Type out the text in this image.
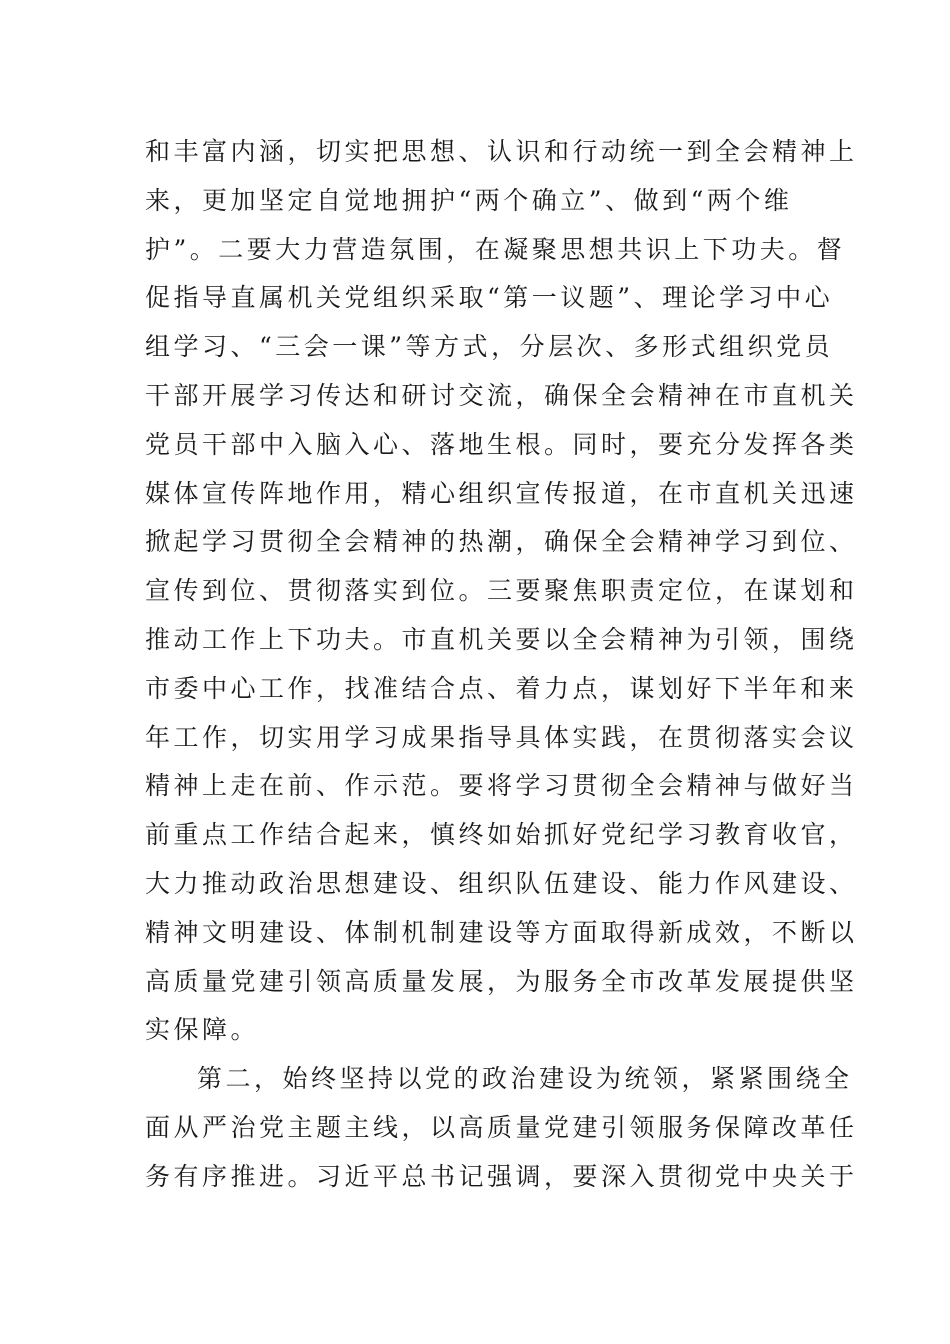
和丰富内涵，切实把思想、认识和行动统一到全会精神上
来，更加坚定自觉地拥护“两个确立”、做到“两个维
护”。二要大力营造氛围，在凝聚思想共识上下功夫。督
促指导直属机关党组织采取“第一议题”、理论学习中心
组学习、“三会一课”等方式，分层次、多形式组织党员
干部开展学习传达和研讨交流，确保全会精神在市直机关
党员干部中入脑入心、落地生根。同时，要充分发挥各类
媒体宣传阵地作用，精心组织宣传报道，在市直机关迅速
掀起学习贯彻全会精神的热潮，确保全会精神学习到位、
宣传到位、贯彻落实到位。三要聚焦职责定位，在谋划和
推动工作上下功夫。市直机关要以全会精神为引领，围绕
市委中心工作，找准结合点、着力点，谋划好下半年和来
年工作，切实用学习成果指导具体实践，在贯彻落实会议
精神上走在前、作示范。要将学习贯彻全会精神与做好当
前重点工作结合起来，慎终如始抓好党纪学习教育收官，
大力推动政治思想建设、组织队伍建设、能力作风建设、
精神文明建设、体制机制建设等方面取得新成效，不断以
高质量党建引领高质量发展，为服务全市改革发展提供坚
实保障。
第二，始终坚持以党的政治建设为统领，紧紧围绕全
面从严治党主题主线，以高质量党建引领服务保障改革任
务有序推进。习近平总书记强调，要深入贯彻党中央关于
